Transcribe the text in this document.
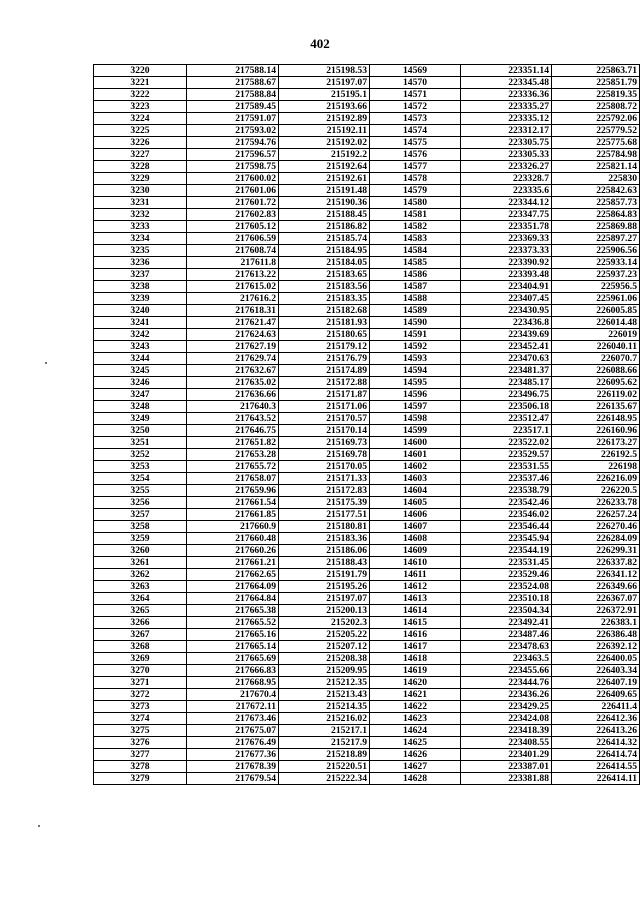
402
3220	217588.14	215198.53	14569	223351.14	225863.71
3221	217588.67	215197.07	14570	223345.48	225851.79
3222	217588.84	215195.1	14571	223336.36	225819.35
3223	217589.45	215193.66	14572	223335.27	225808.72
3224	217591.07	215192.89	14573	223335.12	225792.06
3225	217593.02	215192.11	14574	223312.17	225779.52
3226	217594.76	215192.02	14575	223305.75	225775.68
3227	217596.57	215192.2	14576	223305.33	225784.98
3228	217598.75	215192.64	14577	223326.27	225821.14
3229	217600.02	215192.61	14578	223328.7	225830
3230	217601.06	215191.48	14579	223335.6	225842.63
3231	217601.72	215190.36	14580	223344.12	225857.73
3232	217602.83	215188.45	14581	223347.75	225864.83
3233	217605.12	215186.82	14582	223351.78	225869.88
3234	217606.59	215185.74	14583	223369.33	225897.27
3235	217608.74	215184.95	14584	223373.33	225906.56
3236	217611.8	215184.05	14585	223390.92	225933.14
3237	217613.22	215183.65	14586	223393.48	225937.23
3238	217615.02	215183.56	14587	223404.91	225956.5
3239	217616.2	215183.35	14588	223407.45	225961.06
3240	217618.31	215182.68	14589	223430.95	226005.85
3241	217621.47	215181.93	14590	223436.8	226014.48
3242	217624.63	215180.65	14591	223439.69	226019
3243	217627.19	215179.12	14592	223452.41	226040.11
3244	217629.74	215176.79	14593	223470.63	226070.7
3245	217632.67	215174.89	14594	223481.37	226088.66
3246	217635.02	215172.88	14595	223485.17	226095.62
3247	217636.66	215171.87	14596	223496.75	226119.02
3248	217640.3	215171.06	14597	223506.18	226135.67
3249	217643.52	215170.57	14598	223512.47	226148.95
3250	217646.75	215170.14	14599	223517.1	226160.96
3251	217651.82	215169.73	14600	223522.02	226173.27
3252	217653.28	215169.78	14601	223529.57	226192.5
3253	217655.72	215170.05	14602	223531.55	226198
3254	217658.07	215171.33	14603	223537.46	226216.09
3255	217659.96	215172.83	14604	223538.79	226220.5
3256	217661.54	215175.39	14605	223542.46	226233.78
3257	217661.85	215177.51	14606	223546.02	226257.24
3258	217660.9	215180.81	14607	223546.44	226270.46
3259	217660.48	215183.36	14608	223545.94	226284.09
3260	217660.26	215186.06	14609	223544.19	226299.31
3261	217661.21	215188.43	14610	223531.45	226337.82
3262	217662.65	215191.79	14611	223529.46	226341.12
3263	217664.09	215195.26	14612	223524.08	226349.66
3264	217664.84	215197.07	14613	223510.18	226367.07
3265	217665.38	215200.13	14614	223504.34	226372.91
3266	217665.52	215202.3	14615	223492.41	226383.1
3267	217665.16	215205.22	14616	223487.46	226386.48
3268	217665.14	215207.12	14617	223478.63	226392.12
3269	217665.69	215208.38	14618	223463.5	226400.05
3270	217666.83	215209.95	14619	223455.66	226403.34
3271	217668.95	215212.35	14620	223444.76	226407.19
3272	217670.4	215213.43	14621	223436.26	226409.65
3273	217672.11	215214.35	14622	223429.25	226411.4
3274	217673.46	215216.02	14623	223424.08	226412.36
3275	217675.07	215217.1	14624	223418.39	226413.26
3276	217676.49	215217.9	14625	223408.55	226414.32
3277	217677.36	215218.89	14626	223401.29	226414.74
3278	217678.39	215220.51	14627	223387.01	226414.55
3279	217679.54	215222.34	14628	223381.88	226414.11
